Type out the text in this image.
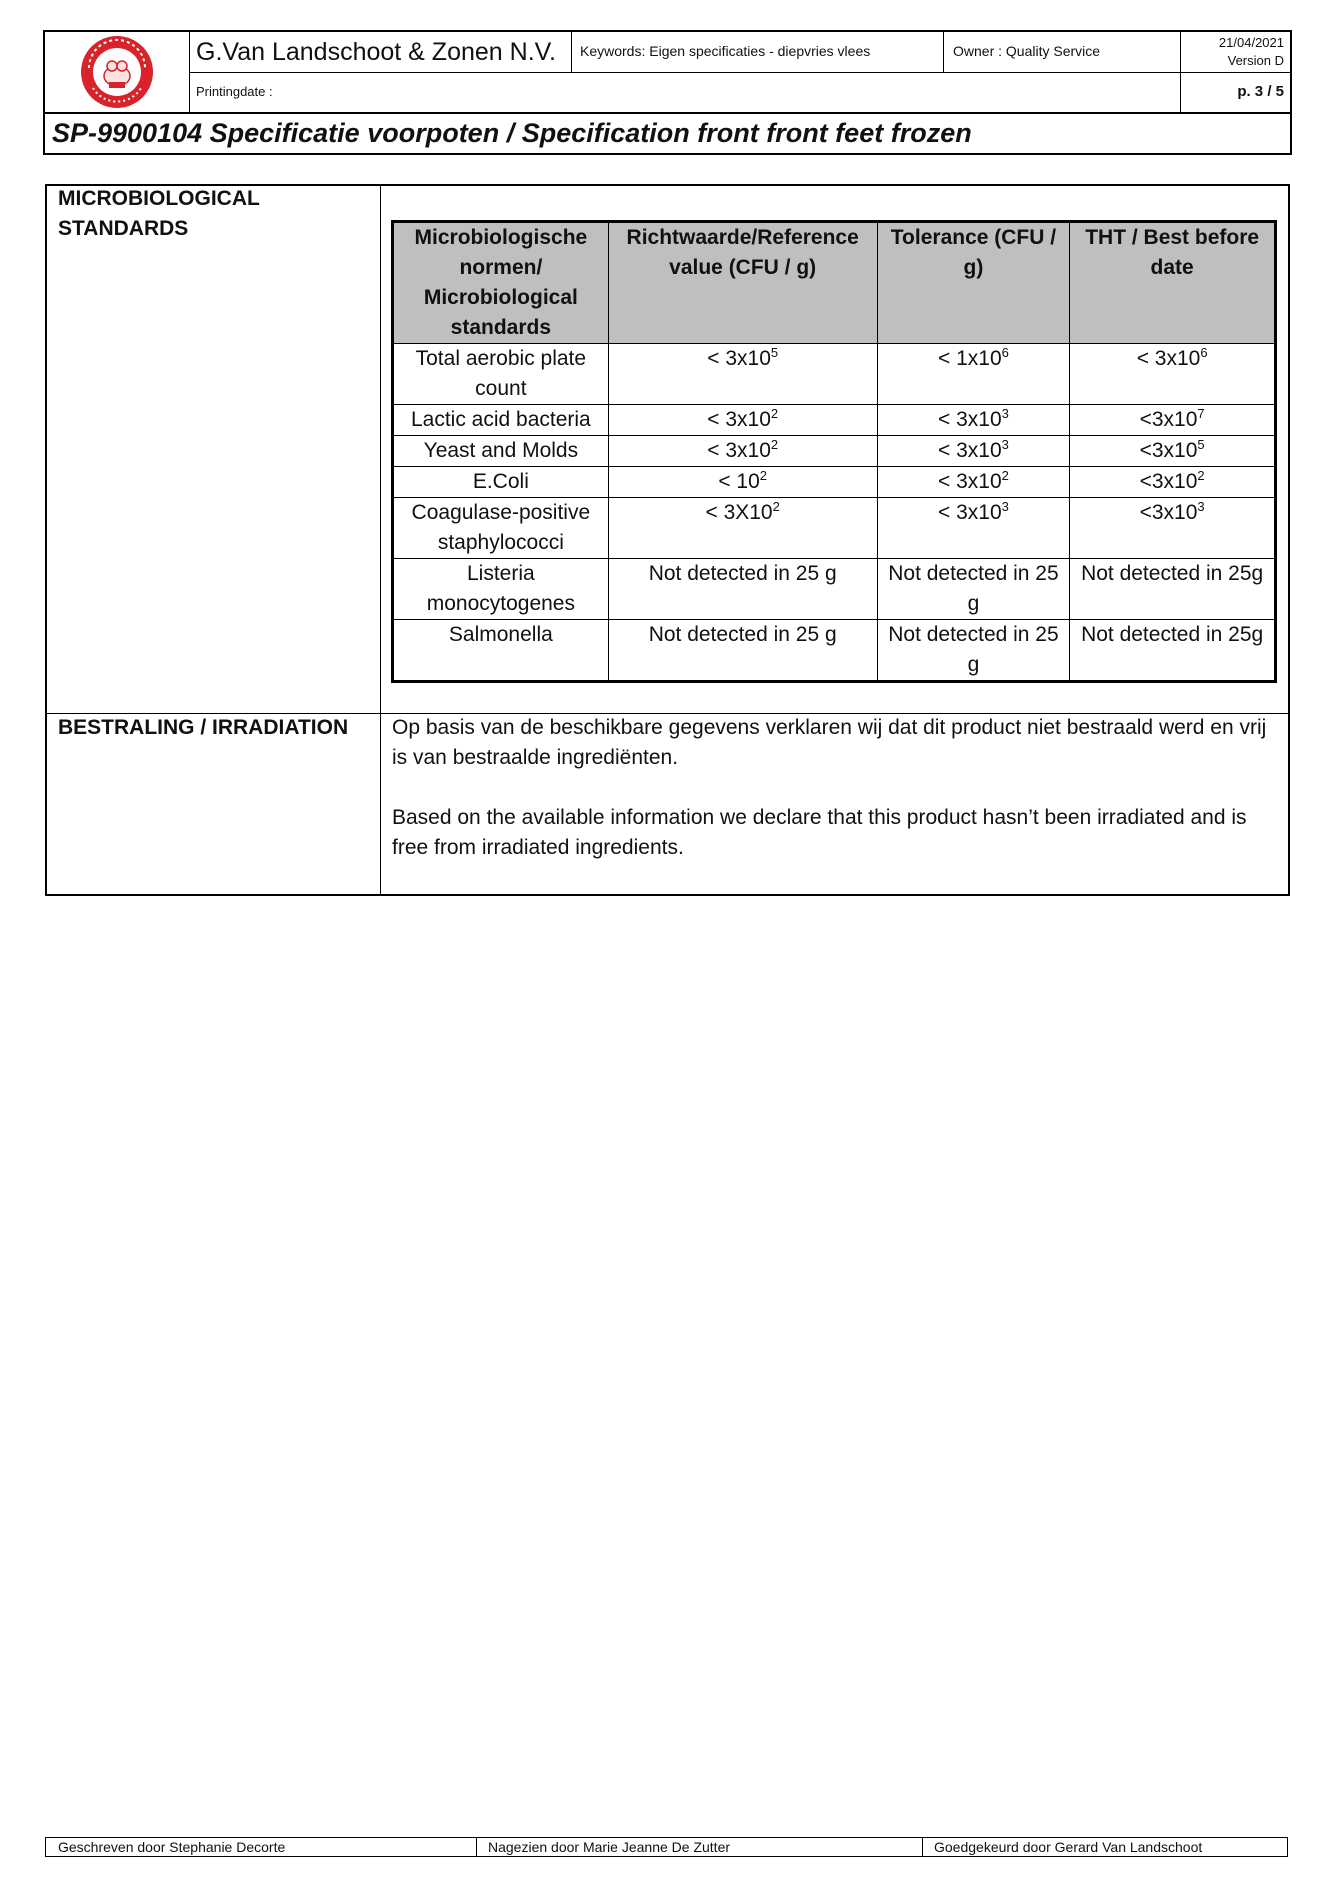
G.Van Landschoot & Zonen N.V.	Keywords: Eigen specificaties - diepvries vlees	Owner : Quality Service
21/04/2021
Version D
Printingdate :	p. 3 / 5
SP-9900104 Specificatie voorpoten / Specification front front feet frozen
MICROBIOLOGICAL
STANDARDS	Microbiologische normen/ Microbiological standards	Richtwaarde/Reference value (CFU / g)	Tolerance (CFU / g)	THT / Best before date
Total aerobic plate count	< $3x10^5$	< $1x10^6$	< $3x10^6$
Lactic acid bacteria	< $3x10^2$	< $3x10^3$	$<3x10^7$
Yeast and Molds	< $3x10^2$	< $3x10^3$	$<3x10^5$
E.Coli	< $10^2$	< $3x10^2$	$<3x10^2$
Coagulase-positive staphylococci	< $3X10^2$	< $3x10^3$	$<3x10^3$
Listeria monocytogenes	Not detected in 25 g	Not detected in 25 g	Not detected in 25g
Salmonella	Not detected in 25 g	Not detected in 25 g	Not detected in 25g
BESTRALING / IRRADIATION Op basis van de beschikbare gegevens verklaren wij dat dit product niet bestraald werd en vrij is van bestraalde ingrediënten.
Based on the available information we declare that this product hasn’t been irradiated and is free from irradiated ingredients.
Geschreven door Stephanie Decorte	Nagezien door Marie Jeanne De Zutter	Goedgekeurd door Gerard Van Landschoot
